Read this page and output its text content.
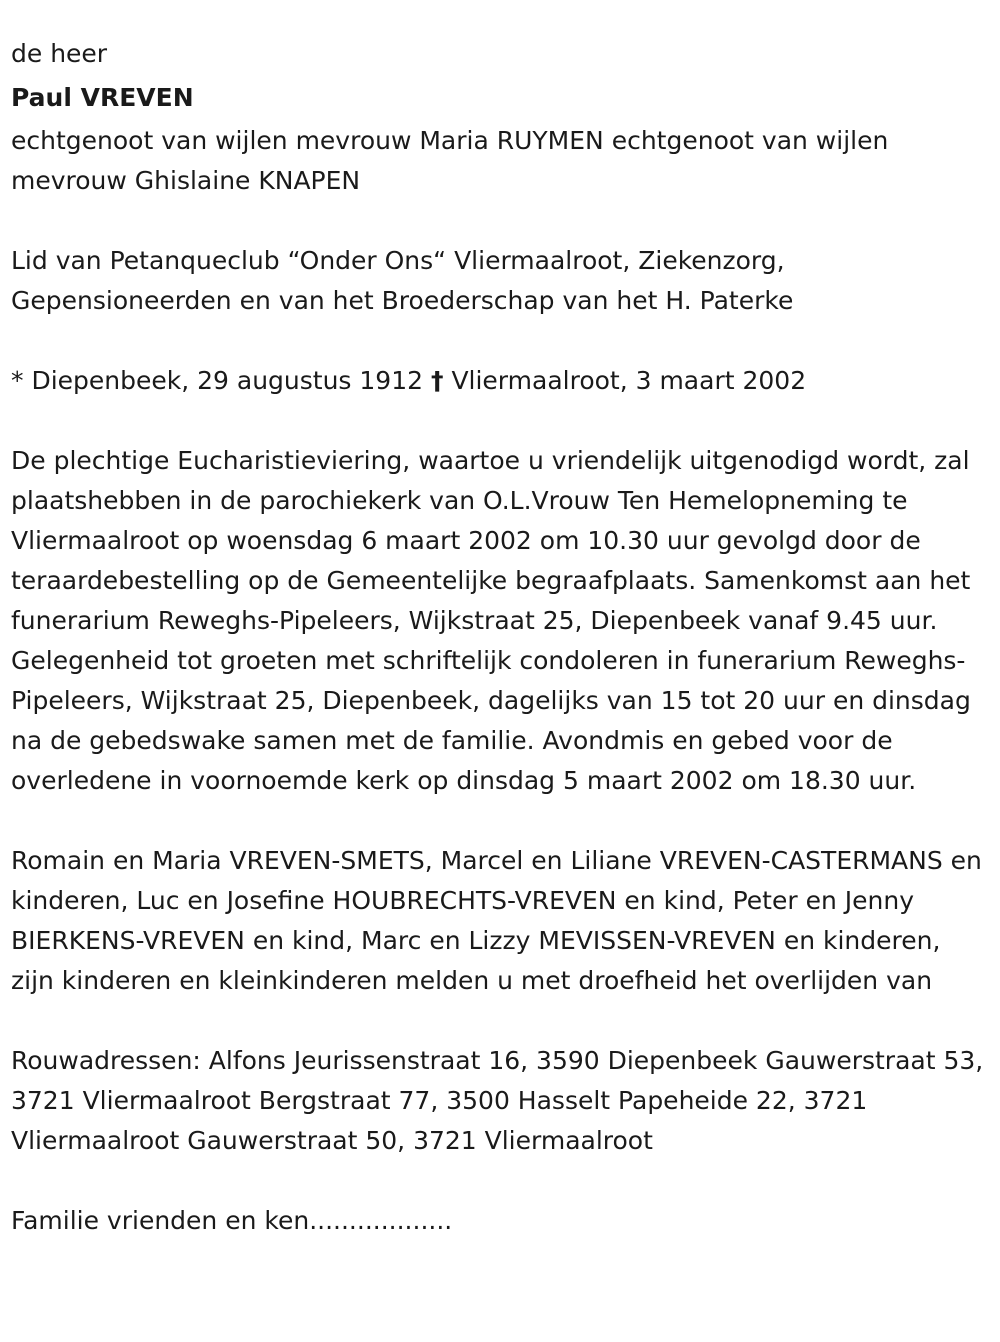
de heer

Paul VREVEN

echtgenoot van wijlen mevrouw Maria RUYMEN echtgenoot van wijlen mevrouw Ghislaine KNAPEN

Lid van Petanqueclub “Onder Ons“ Vliermaalroot, Ziekenzorg, Gepensioneerden en van het Broederschap van het H. Paterke

* Diepenbeek, 29 augustus 1912 † Vliermaalroot, 3 maart 2002

De plechtige Eucharistieviering, waartoe u vriendelijk uitgenodigd wordt, zal plaatshebben in de parochiekerk van O.L.Vrouw Ten Hemelopneming te Vliermaalroot op woensdag 6 maart 2002 om 10.30 uur gevolgd door de teraardebestelling op de Gemeentelijke begraafplaats. Samenkomst aan het funerarium Reweghs-Pipeleers, Wijkstraat 25, Diepenbeek vanaf 9.45 uur. Gelegenheid tot groeten met schriftelijk condoleren in funerarium Reweghs-Pipeleers, Wijkstraat 25, Diepenbeek, dagelijks van 15 tot 20 uur en dinsdag na de gebedswake samen met de familie. Avondmis en gebed voor de overledene in voornoemde kerk op dinsdag 5 maart 2002 om 18.30 uur.

Romain en Maria VREVEN-SMETS, Marcel en Liliane VREVEN-CASTERMANS en kinderen, Luc en Josefine HOUBRECHTS-VREVEN en kind, Peter en Jenny BIERKENS-VREVEN en kind, Marc en Lizzy MEVISSEN-VREVEN en kinderen, zijn kinderen en kleinkinderen melden u met droefheid het overlijden van

Rouwadressen: Alfons Jeurissenstraat 16, 3590 Diepenbeek Gauwerstraat 53, 3721 Vliermaalroot Bergstraat 77, 3500 Hasselt Papeheide 22, 3721 Vliermaalroot Gauwerstraat 50, 3721 Vliermaalroot

Familie vrienden en ken..................
